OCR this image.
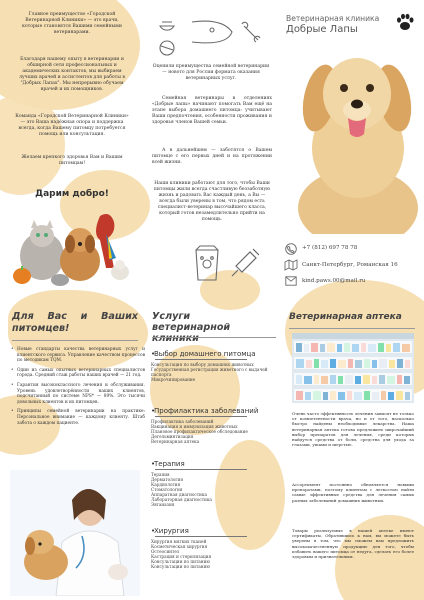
Главное преимущество «Городской Ветеринарной Клиники» — это врачи, которые становятся Вашими семейными ветеринарами.
Благодаря нашему опыту в ветеринарии и обширной сети профессиональных и академических контактов, мы выбираем лучших врачей и ассистентов для работы в "Добрых Лапах". Мы непрерывно обучаем врачей и их помощников.
Команда «Городской Ветеринарной Клиники» — это Ваша надёжная опора и поддержка всегда, когда Вашему питомцу потребуется помощь или консультация.
Желаем крепкого здоровья Вам и Вашим питомцам!
Дарим добро!
Оценили преимущества семейной ветеринарии — новото для России формата оказания ветеринарных услуг.
Семейная ветеринары в отделениях «Добрые лапы» начинают помогать Вам ещё на этапе выбора домашнего питомца: учитывают Ваши предпочтения, особенности проживания и здоровья членов Вашей семьи.
А в дальнейшем — заботятся о Вашем питомце с его первых дней и на протяжении всей жизни.
Наши клиники работают для того, чтобы Ваши питомцы жили всегда счастливую беззаботную жизнь и радовать Вас каждый день, а Вы — всегда были уверены в том, что рядом есть специалист-ветеринар высочайшего класса, который готов незамедлительно прийти на помощь.
Ветеринарная клиника
Добрые Лапы
+7 (812) 697 78 78
Санкт-Петербург, Романская 16
kind.paws.00@mail.ru
Для Вас и Ваших питомцев!
• Новые стандарты качества ветеринарных услуг и клиентского сервиса. Управление качеством процессов по методикам TQM.
• Один из самых опытных ветеринарных специалистов города. Средний стаж работы наших врачей — 21 год.
• Гарантия высококлассного лечения и обслуживания. Уровень удовлетворённости наших клиентов, подсчитанный по системе NPS* — 89%. Это тысячи довольных клиентов и их питомцев.
• Принципы семейной ветеринарии на практике: Персональное внимание — каждому клиенту. Штаб забота о каждом пациенте.
Услуги
ветеринарной клиники
•Выбор домашнего питомца

Консультация по выбору домашних животных

Государственная регистрация животного с выдачей паспорта

Микрочипирование

•Профилактика заболеваний

Профилактика заболеваний

Вакцинация и иммунизация животных

Плановое профилактическое обследование

Дегельминтизация

Ветеринарная аптека

•Терапия

Терапия

Дерматология

Кардиология

Стоматология

Аппаратная диагностика

Лабораторная диагностика

Эвтаназия

•Хирургия

Хирургия мягких тканей

Косметическая хирургия

Остеосинтез

Кастрация и стерилизация

Консультации по питанию

Консультации по питанию

Ветеринарная аптека
Очень часто эффективность лечения зависит не только от компетентности врача, но и от того, насколько быстро найдены необходимые лекарства. Наша ветеринарная аптека готова предложить широчайший выбор препаратов для лечения, среди которых найдутся средства от боли, средства для ухода за глазами, ушами и шерстью.
Ассортимент постоянно обновляется новыми препаратами, поэтому клиентам с легкостью найти самые эффективные средства для лечения самых разных заболеваний домашних животных.
Товары реализуемые в нашей аптеке имеют сертификаты. Обратившись к нам, вы можете быть уверены в том, что мы сможем вам предложить высококачественную продукцию для того, чтобы избавить вашего питомца от недуга, сделать его более здоровым и признательным.
